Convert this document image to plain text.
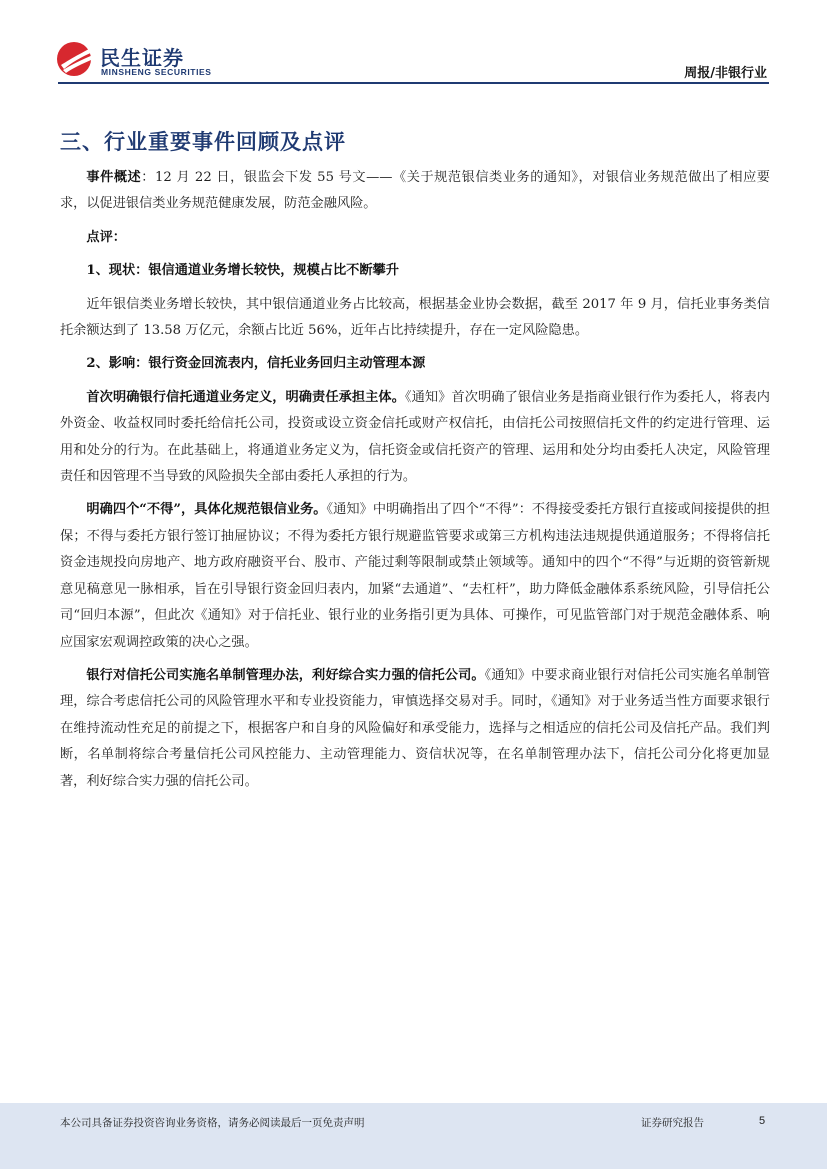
民生证券
MINSHENG SECURITIES	周报/非银行业
三、行业重要事件回顾及点评

事件概述：12 月 22 日，银监会下发 55 号文——《关于规范银信类业务的通知》，对银信业务规范做出了相应要求，以促进银信类业务规范健康发展，防范金融风险。

点评：

1、现状：银信通道业务增长较快，规模占比不断攀升

近年银信类业务增长较快，其中银信通道业务占比较高，根据基金业协会数据，截至 2017 年 9 月，信托业事务类信托余额达到了 13.58 万亿元，余额占比近 56%，近年占比持续提升，存在一定风险隐患。

2、影响：银行资金回流表内，信托业务回归主动管理本源

首次明确银行信托通道业务定义，明确责任承担主体。《通知》首次明确了银信业务是指商业银行作为委托人，将表内外资金、收益权同时委托给信托公司，投资或设立资金信托或财产权信托，由信托公司按照信托文件的约定进行管理、运用和处分的行为。在此基础上，将通道业务定义为，信托资金或信托资产的管理、运用和处分均由委托人决定，风险管理责任和因管理不当导致的风险损失全部由委托人承担的行为。

明确四个“不得”，具体化规范银信业务。《通知》中明确指出了四个“不得”：不得接受委托方银行直接或间接提供的担保；不得与委托方银行签订抽屉协议；不得为委托方银行规避监管要求或第三方机构违法违规提供通道服务；不得将信托资金违规投向房地产、地方政府融资平台、股市、产能过剩等限制或禁止领域等。通知中的四个“不得”与近期的资管新规意见稿意见一脉相承，旨在引导银行资金回归表内，加紧“去通道”、“去杠杆”，助力降低金融体系系统风险，引导信托公司“回归本源”，但此次《通知》对于信托业、银行业的业务指引更为具体、可操作，可见监管部门对于规范金融体系、响应国家宏观调控政策的决心之强。

银行对信托公司实施名单制管理办法，利好综合实力强的信托公司。《通知》中要求商业银行对信托公司实施名单制管理，综合考虑信托公司的风险管理水平和专业投资能力，审慎选择交易对手。同时，《通知》对于业务适当性方面要求银行在维持流动性充足的前提之下，根据客户和自身的风险偏好和承受能力，选择与之相适应的信托公司及信托产品。我们判断，名单制将综合考量信托公司风控能力、主动管理能力、资信状况等，在名单制管理办法下，信托公司分化将更加显著，利好综合实力强的信托公司。

本公司具备证券投资咨询业务资格，请务必阅读最后一页免责声明	证券研究报告	5
